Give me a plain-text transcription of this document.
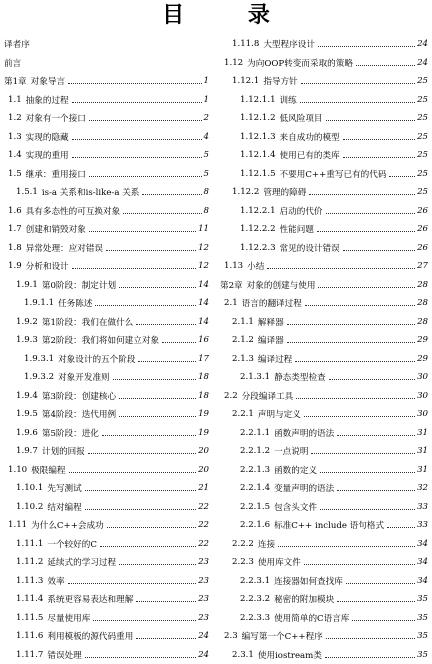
目 录
译者序
前言
第1章 对象导言	1
1.1 抽象的过程	1
1.2 对象有一个接口	2
1.3 实现的隐藏	4
1.4 实现的重用	5
1.5 继承：重用接口	5
1.5.1 is-a 关系和is-like-a 关系	8
1.6 具有多态性的可互换对象	8
1.7 创建和销毁对象	11
1.8 异常处理：应对错误	12
1.9 分析和设计	12
1.9.1 第0阶段：制定计划	14
1.9.1.1 任务陈述	14
1.9.2 第1阶段：我们在做什么	14
1.9.3 第2阶段：我们将如何建立对象	16
1.9.3.1 对象设计的五个阶段	17
1.9.3.2 对象开发准则	18
1.9.4 第3阶段：创建核心	18
1.9.5 第4阶段：迭代用例	19
1.9.6 第5阶段：进化	19
1.9.7 计划的回报	20
1.10 极限编程	20
1.10.1 先写测试	21
1.10.2 结对编程	22
1.11 为什么C++会成功	22
1.11.1 一个较好的C	22
1.11.2 延续式的学习过程	23
1.11.3 效率	23
1.11.4 系统更容易表达和理解	23
1.11.5 尽量使用库	23
1.11.6 利用模板的源代码重用	24
1.11.7 错误处理	24
1.11.8 大型程序设计	24
1.12 为向OOP转变而采取的策略	24
1.12.1 指导方针	25
1.12.1.1 训练	25
1.12.1.2 低风险项目	25
1.12.1.3 来自成功的模型	25
1.12.1.4 使用已有的类库	25
1.12.1.5 不要用C++重写已有的代码	25
1.12.2 管理的障碍	25
1.12.2.1 启动的代价	26
1.12.2.2 性能问题	26
1.12.2.3 常见的设计错误	26
1.13 小结	27
第2章 对象的创建与使用	28
2.1 语言的翻译过程	28
2.1.1 解释器	28
2.1.2 编译器	29
2.1.3 编译过程	29
2.1.3.1 静态类型检查	30
2.2 分段编译工具	30
2.2.1 声明与定义	30
2.2.1.1 函数声明的语法	31
2.2.1.2 一点说明	31
2.2.1.3 函数的定义	31
2.2.1.4 变量声明的语法	32
2.2.1.5 包含头文件	33
2.2.1.6 标准C++ include 语句格式	33
2.2.2 连接	34
2.2.3 使用库文件	34
2.2.3.1 连接器如何查找库	34
2.2.3.2 秘密的附加模块	35
2.2.3.3 使用简单的C语言库	35
2.3 编写第一个C++程序	35
2.3.1 使用iostream类	35
